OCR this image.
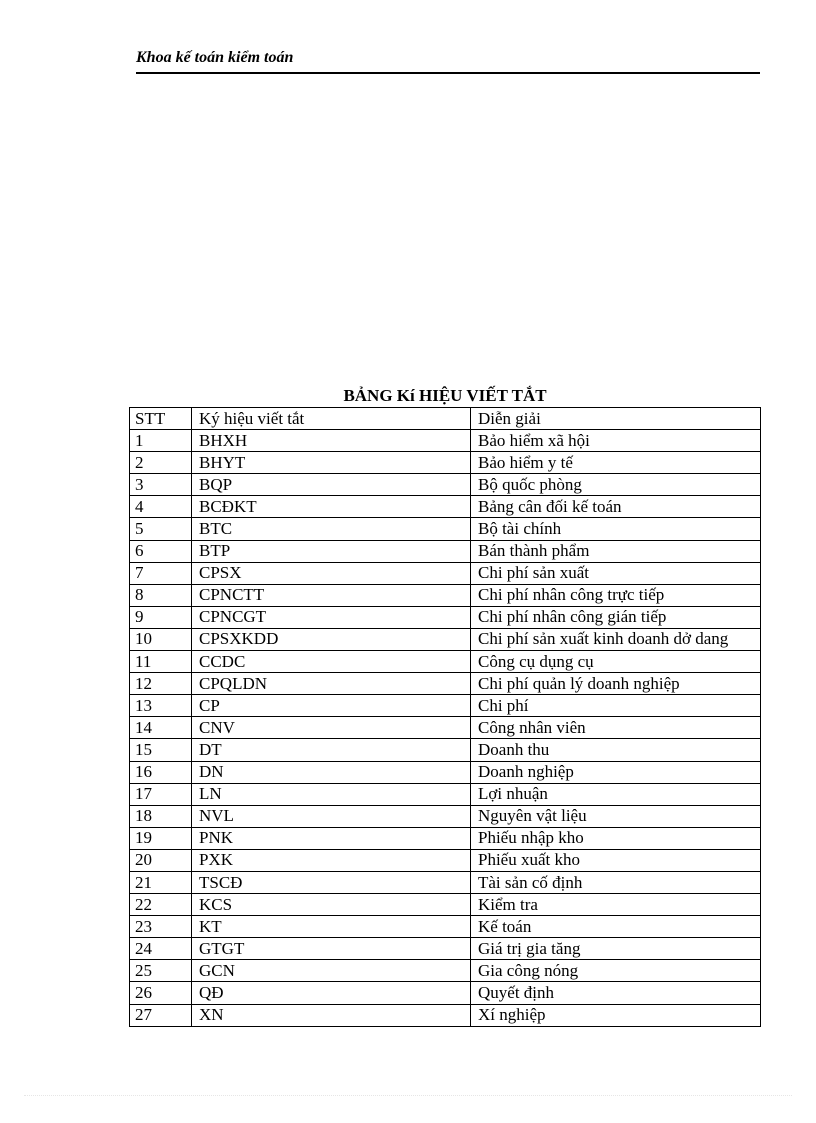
Khoa kế toán kiểm toán
BẢNG Kí HIỆU VIẾT TẮT
STT	Ký hiệu viết tắt	Diễn giải
1	BHXH	Bảo hiểm xã hội
2	BHYT	Bảo hiểm y tế
3	BQP	Bộ quốc phòng
4	BCĐKT	Bảng cân đối kế toán
5	BTC	Bộ tài chính
6	BTP	Bán thành phẩm
7	CPSX	Chi phí sản xuất
8	CPNCTT	Chi phí nhân công trực tiếp
9	CPNCGT	Chi phí nhân công gián tiếp
10	CPSXKDD	Chi phí sản xuất kinh doanh dở dang
11	CCDC	Công cụ dụng cụ
12	CPQLDN	Chi phí quản lý doanh nghiệp
13	CP	Chi phí
14	CNV	Công nhân viên
15	DT	Doanh thu
16	DN	Doanh nghiệp
17	LN	Lợi nhuận
18	NVL	Nguyên vật liệu
19	PNK	Phiếu nhập kho
20	PXK	Phiếu xuất kho
21	TSCĐ	Tài sản cố định
22	KCS	Kiểm tra
23	KT	Kế toán
24	GTGT	Giá trị gia tăng
25	GCN	Gia công nóng
26	QĐ	Quyết định
27	XN	Xí nghiệp
